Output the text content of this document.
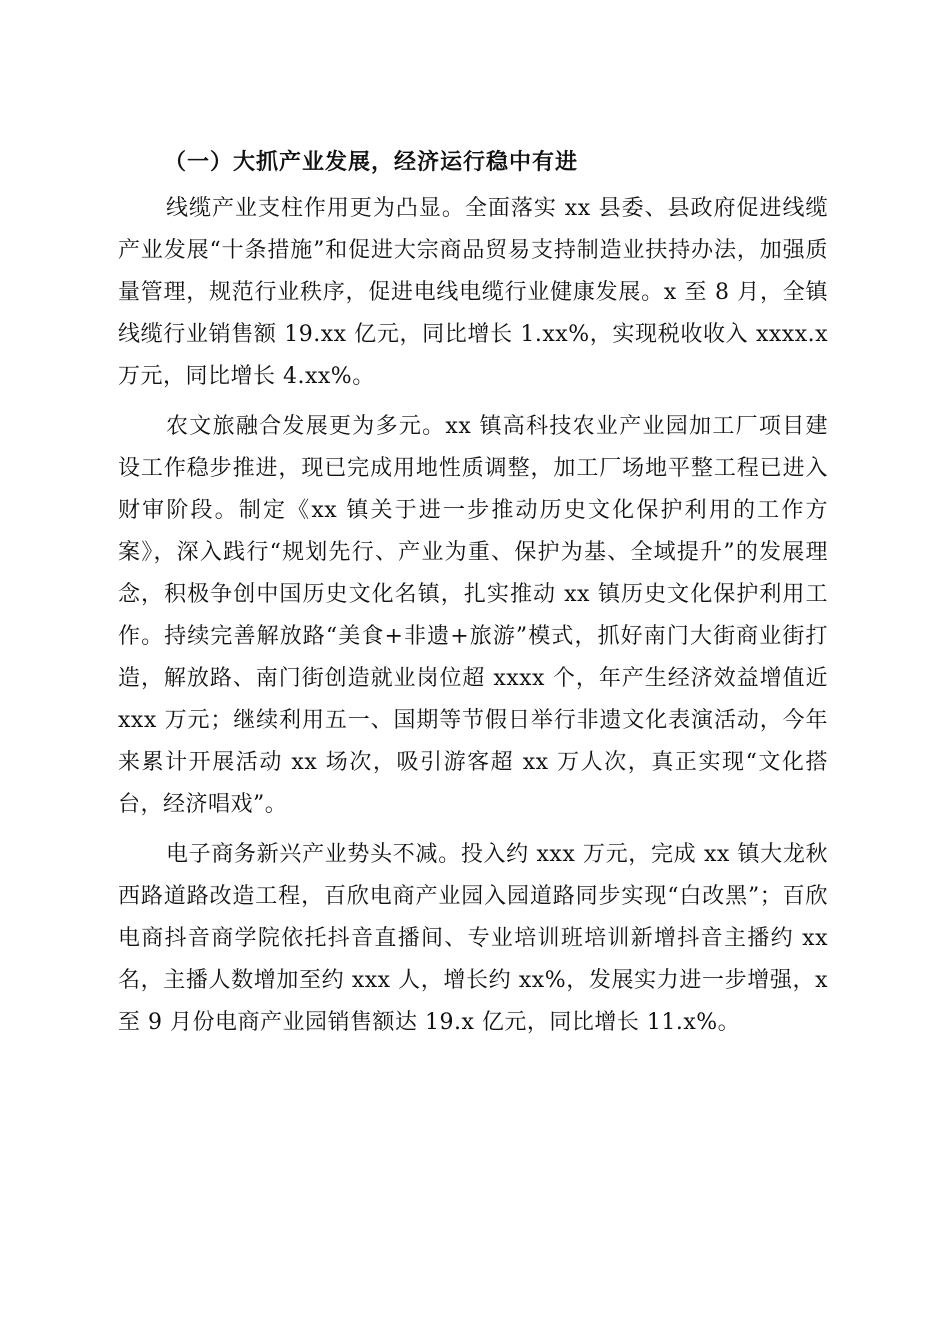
（一）大抓产业发展，经济运行稳中有进

线缆产业支柱作用更为凸显。全面落实 xx 县委、县政府促进线缆产业发展“十条措施”和促进大宗商品贸易支持制造业扶持办法，加强质量管理，规范行业秩序，促进电线电缆行业健康发展。x 至 8 月，全镇线缆行业销售额 19.xx 亿元，同比增长 1.xx%，实现税收收入 xxxx.x 万元，同比增长 4.xx%。

农文旅融合发展更为多元。xx 镇高科技农业产业园加工厂项目建设工作稳步推进，现已完成用地性质调整，加工厂场地平整工程已进入财审阶段。制定《xx 镇关于进一步推动历史文化保护利用的工作方案》，深入践行“规划先行、产业为重、保护为基、全域提升”的发展理念，积极争创中国历史文化名镇，扎实推动 xx 镇历史文化保护利用工作。持续完善解放路“美食+非遗+旅游”模式，抓好南门大街商业街打造，解放路、南门街创造就业岗位超 xxxx 个，年产生经济效益增值近 xxx 万元；继续利用五一、国期等节假日举行非遗文化表演活动，今年来累计开展活动 xx 场次，吸引游客超 xx 万人次，真正实现“文化搭台，经济唱戏”。

电子商务新兴产业势头不减。投入约 xxx 万元，完成 xx 镇大龙秋西路道路改造工程，百欣电商产业园入园道路同步实现“白改黑”；百欣电商抖音商学院依托抖音直播间、专业培训班培训新增抖音主播约 xx 名，主播人数增加至约 xxx 人，增长约 xx%，发展实力进一步增强，x 至 9 月份电商产业园销售额达 19.x 亿元，同比增长 11.x%。
